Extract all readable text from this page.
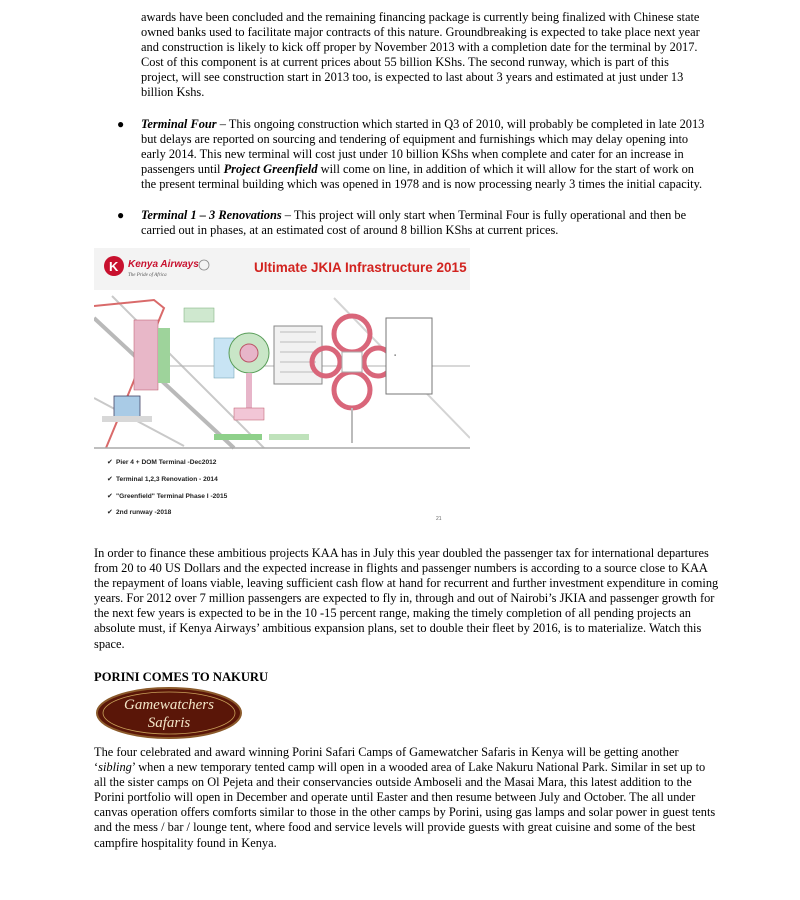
awards have been concluded and the remaining financing package is currently being finalized with Chinese state owned banks used to facilitate major contracts of this nature. Groundbreaking is expected to take place next year and construction is likely to kick off proper by November 2013 with a completion date for the terminal by 2017. Cost of this component is at current prices about 55 billion KShs. The second runway, which is part of this project, will see construction start in 2013 too, is expected to last about 3 years and estimated at just under 13 billion Kshs.
●	Terminal Four – This ongoing construction which started in Q3 of 2010, will probably be completed in late 2013 but delays are reported on sourcing and tendering of equipment and furnishings which may delay opening into early 2014. This new terminal will cost just under 10 billion KShs when complete and cater for an increase in passengers until Project Greenfield will come on line, in addition of which it will allow for the start of work on the present terminal building which was opened in 1978 and is now processing nearly 3 times the initial capacity.
●	Terminal 1 – 3 Renovations – This project will only start when Terminal Four is fully operational and then be carried out in phases, at an estimated cost of around 8 billion KShs at current prices.
K Kenya Airways
The Pride of Africa
Ultimate JKIA Infrastructure 2015
●
Pier 4 + DOM Terminal -Dec2012
Terminal 1,2,3 Renovation - 2014
"Greenfield" Terminal Phase I -2015
2nd runway -2018
✔
✔
✔
✔
21
In order to finance these ambitious projects KAA has in July this year doubled the passenger tax for international departures from 20 to 40 US Dollars and the expected increase in flights and passenger numbers is according to a source close to KAA the repayment of loans viable, leaving sufficient cash flow at hand for recurrent and further investment expenditure in coming years. For 2012 over 7 million passengers are expected to fly in, through and out of Nairobi’s JKIA and passenger growth for the next few years is expected to be in the 10 -15 percent range, making the timely completion of all pending projects an absolute must, if Kenya Airways’ ambitious expansion plans, set to double their fleet by 2016, is to materialize. Watch this space.
PORINI COMES TO NAKURU
Gamewatchers
Safaris
The four celebrated and award winning Porini Safari Camps of Gamewatcher Safaris in Kenya will be getting another ‘sibling’ when a new temporary tented camp will open in a wooded area of Lake Nakuru National Park. Similar in set up to all the sister camps on Ol Pejeta and their conservancies outside Amboseli and the Masai Mara, this latest addition to the Porini portfolio will open in December and operate until Easter and then resume between July and October. The all under canvas operation offers comforts similar to those in the other camps by Porini, using gas lamps and solar power in guest tents and the mess / bar / lounge tent, where food and service levels will provide guests with great cuisine and some of the best campfire hospitality found in Kenya.
